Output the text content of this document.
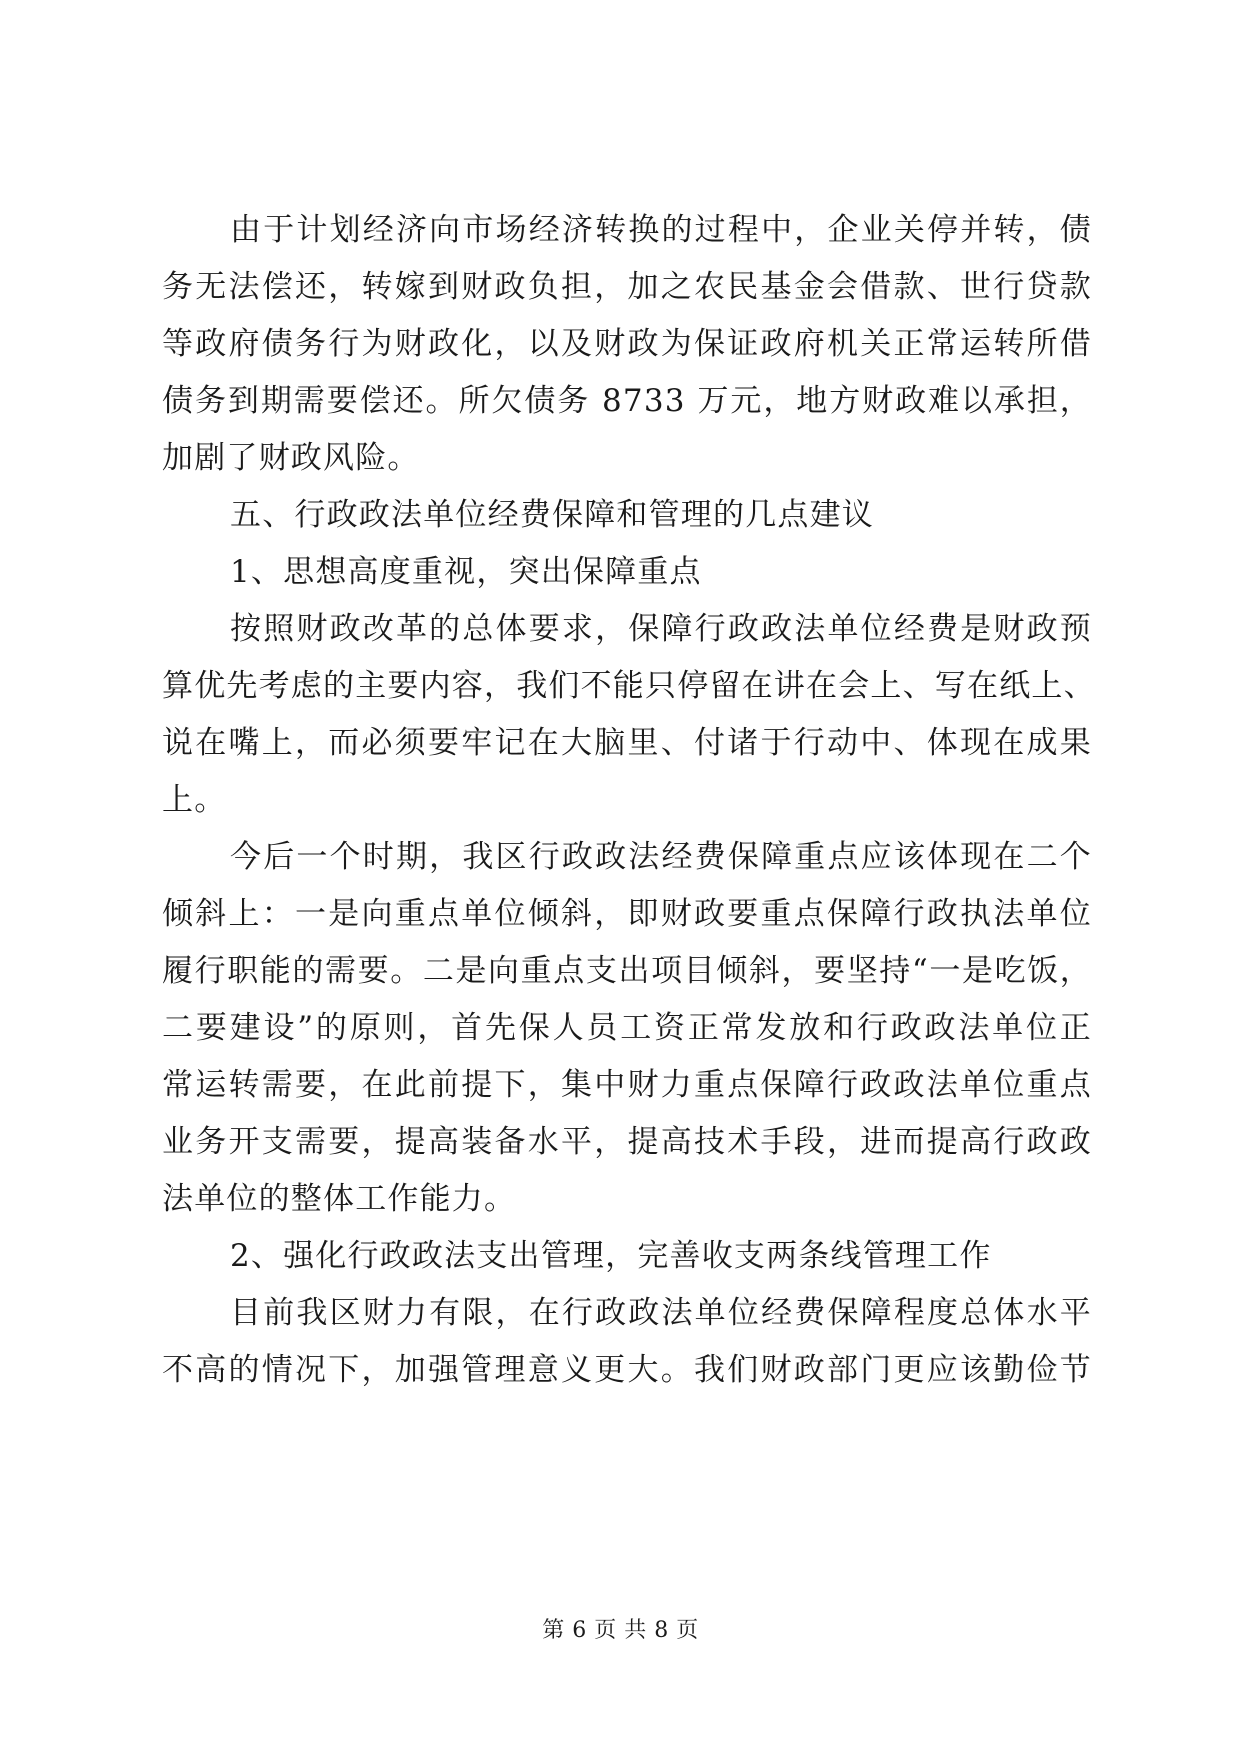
由于计划经济向市场经济转换的过程中，企业关停并转，债
务无法偿还，转嫁到财政负担，加之农民基金会借款、世行贷款
等政府债务行为财政化，以及财政为保证政府机关正常运转所借
债务到期需要偿还。所欠债务 8733 万元，地方财政难以承担，
加剧了财政风险。
五、行政政法单位经费保障和管理的几点建议
1、思想高度重视，突出保障重点
按照财政改革的总体要求，保障行政政法单位经费是财政预
算优先考虑的主要内容，我们不能只停留在讲在会上、写在纸上、
说在嘴上，而必须要牢记在大脑里、付诸于行动中、体现在成果
上。
今后一个时期，我区行政政法经费保障重点应该体现在二个
倾斜上：一是向重点单位倾斜，即财政要重点保障行政执法单位
履行职能的需要。二是向重点支出项目倾斜，要坚持“一是吃饭，
二要建设”的原则，首先保人员工资正常发放和行政政法单位正
常运转需要，在此前提下，集中财力重点保障行政政法单位重点
业务开支需要，提高装备水平，提高技术手段，进而提高行政政
法单位的整体工作能力。
2、强化行政政法支出管理，完善收支两条线管理工作
目前我区财力有限，在行政政法单位经费保障程度总体水平
不高的情况下，加强管理意义更大。我们财政部门更应该勤俭节
第 6 页 共 8 页
